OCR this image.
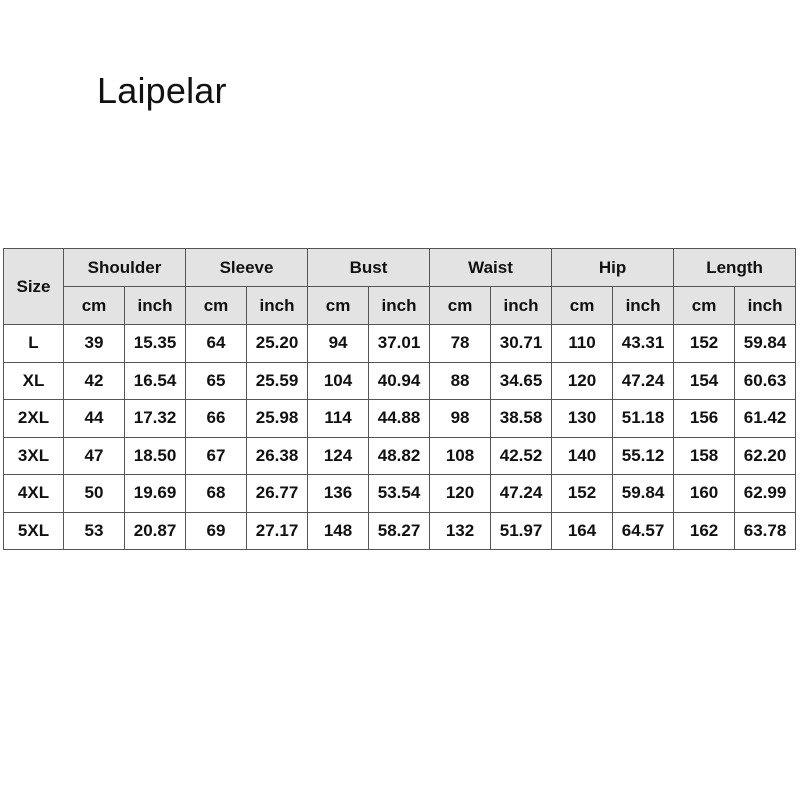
Laipelar
Size	Shoulder		Sleeve		Bust		Waist		Hip		Length	
	cm	inch	cm	inch	cm	inch	cm	inch	cm	inch	cm	inch
L	39	15.35	64	25.20	94	37.01	78	30.71	110	43.31	152	59.84
XL	42	16.54	65	25.59	104	40.94	88	34.65	120	47.24	154	60.63
2XL	44	17.32	66	25.98	114	44.88	98	38.58	130	51.18	156	61.42
3XL	47	18.50	67	26.38	124	48.82	108	42.52	140	55.12	158	62.20
4XL	50	19.69	68	26.77	136	53.54	120	47.24	152	59.84	160	62.99
5XL	53	20.87	69	27.17	148	58.27	132	51.97	164	64.57	162	63.78
